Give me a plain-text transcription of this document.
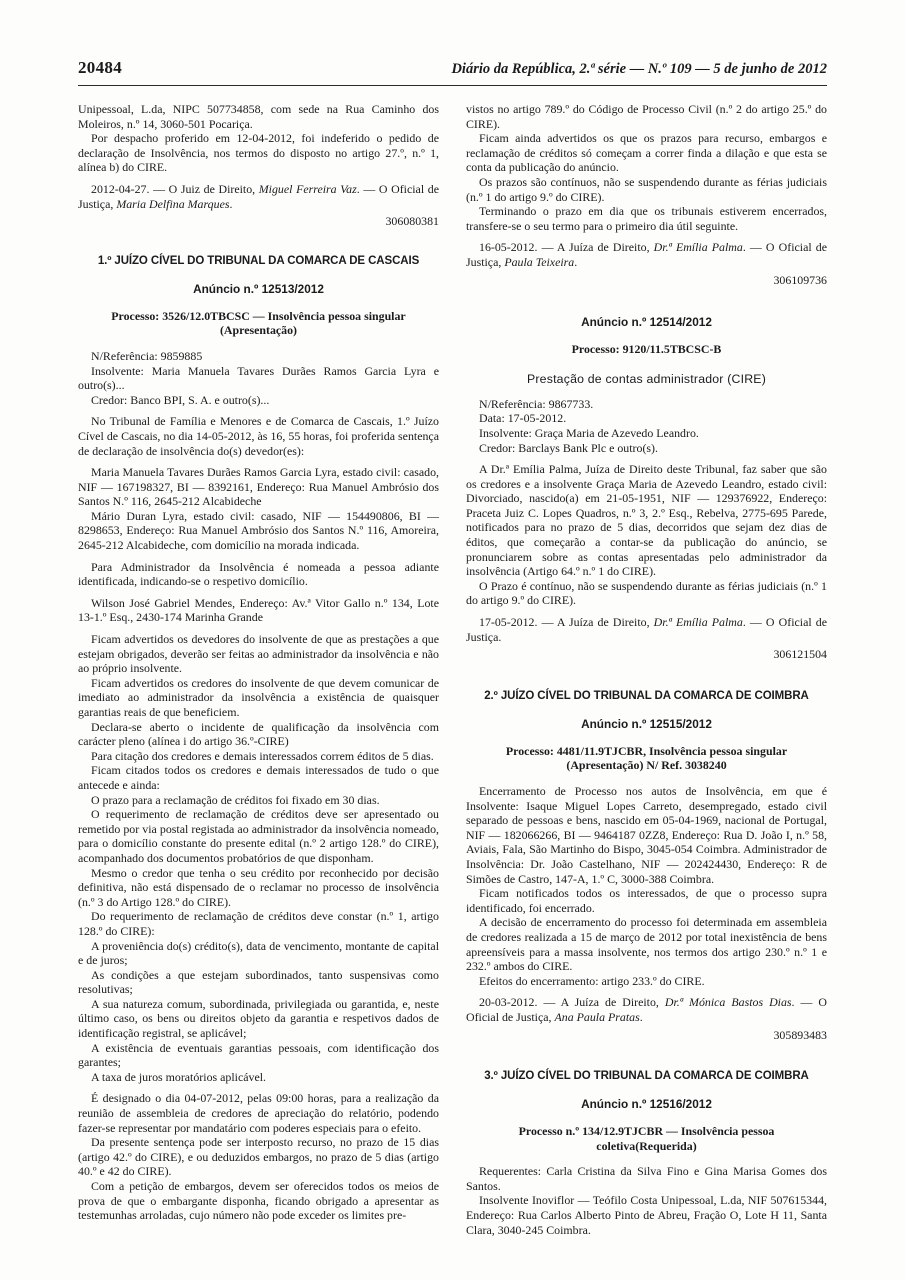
20484	Diário da República, 2.ª série — N.º 109 — 5 de junho de 2012

Unipessoal, L.da, NIPC 507734858, com sede na Rua Caminho dos Moleiros, n.º 14, 3060-501 Pocariça.

Por despacho proferido em 12-04-2012, foi indeferido o pedido de declaração de Insolvência, nos termos do disposto no artigo 27.º, n.º 1, alínea b) do CIRE.

2012-04-27. — O Juiz de Direito, Miguel Ferreira Vaz. — O Oficial de Justiça, Maria Delfina Marques.

306080381

1.º JUÍZO CÍVEL DO TRIBUNAL DA COMARCA DE CASCAIS
Anúncio n.º 12513/2012

Processo: 3526/12.0TBCSC — Insolvência pessoa singular (Apresentação)

N/Referência: 9859885

Insolvente: Maria Manuela Tavares Durães Ramos Garcia Lyra e outro(s)...

Credor: Banco BPI, S. A. e outro(s)...

No Tribunal de Família e Menores e de Comarca de Cascais, 1.º Juízo Cível de Cascais, no dia 14-05-2012, às 16, 55 horas, foi proferida sentença de declaração de insolvência do(s) devedor(es):

Maria Manuela Tavares Durães Ramos Garcia Lyra, estado civil: casado, NIF — 167198327, BI — 8392161, Endereço: Rua Manuel Ambrósio dos Santos N.º 116, 2645-212 Alcabideche

Mário Duran Lyra, estado civil: casado, NIF — 154490806, BI — 8298653, Endereço: Rua Manuel Ambrósio dos Santos N.º 116, Amoreira, 2645-212 Alcabideche, com domicílio na morada indicada.

Para Administrador da Insolvência é nomeada a pessoa adiante identificada, indicando-se o respetivo domicílio.

Wilson José Gabriel Mendes, Endereço: Av.ª Vitor Gallo n.º 134, Lote 13-1.º Esq., 2430-174 Marinha Grande

Ficam advertidos os devedores do insolvente de que as prestações a que estejam obrigados, deverão ser feitas ao administrador da insolvência e não ao próprio insolvente.

Ficam advertidos os credores do insolvente de que devem comunicar de imediato ao administrador da insolvência a existência de quaisquer garantias reais de que beneficiem.

Declara-se aberto o incidente de qualificação da insolvência com carácter pleno (alínea i do artigo 36.º-CIRE)

Para citação dos credores e demais interessados correm éditos de 5 dias.

Ficam citados todos os credores e demais interessados de tudo o que antecede e ainda:

O prazo para a reclamação de créditos foi fixado em 30 dias.

O requerimento de reclamação de créditos deve ser apresentado ou remetido por via postal registada ao administrador da insolvência nomeado, para o domicílio constante do presente edital (n.º 2 artigo 128.º do CIRE), acompanhado dos documentos probatórios de que disponham.

Mesmo o credor que tenha o seu crédito por reconhecido por decisão definitiva, não está dispensado de o reclamar no processo de insolvência (n.º 3 do Artigo 128.º do CIRE).

Do requerimento de reclamação de créditos deve constar (n.º 1, artigo 128.º do CIRE):

A proveniência do(s) crédito(s), data de vencimento, montante de capital e de juros;

As condições a que estejam subordinados, tanto suspensivas como resolutivas;

A sua natureza comum, subordinada, privilegiada ou garantida, e, neste último caso, os bens ou direitos objeto da garantia e respetivos dados de identificação registral, se aplicável;

A existência de eventuais garantias pessoais, com identificação dos garantes;

A taxa de juros moratórios aplicável.

É designado o dia 04-07-2012, pelas 09:00 horas, para a realização da reunião de assembleia de credores de apreciação do relatório, podendo fazer-se representar por mandatário com poderes especiais para o efeito.

Da presente sentença pode ser interposto recurso, no prazo de 15 dias (artigo 42.º do CIRE), e ou deduzidos embargos, no prazo de 5 dias (artigo 40.º e 42 do CIRE).

Com a petição de embargos, devem ser oferecidos todos os meios de prova de que o embargante disponha, ficando obrigado a apresentar as testemunhas arroladas, cujo número não pode exceder os limites pre-

vistos no artigo 789.º do Código de Processo Civil (n.º 2 do artigo 25.º do CIRE).

Ficam ainda advertidos os que os prazos para recurso, embargos e reclamação de créditos só começam a correr finda a dilação e que esta se conta da publicação do anúncio.

Os prazos são contínuos, não se suspendendo durante as férias judiciais (n.º 1 do artigo 9.º do CIRE).

Terminando o prazo em dia que os tribunais estiverem encerrados, transfere-se o seu termo para o primeiro dia útil seguinte.

16-05-2012. — A Juíza de Direito, Dr.ª Emília Palma. — O Oficial de Justiça, Paula Teixeira.

306109736

Anúncio n.º 12514/2012

Processo: 9120/11.5TBCSC-B

Prestação de contas administrador (CIRE)

N/Referência: 9867733.

Data: 17-05-2012.

Insolvente: Graça Maria de Azevedo Leandro.

Credor: Barclays Bank Plc e outro(s).

A Dr.ª Emília Palma, Juíza de Direito deste Tribunal, faz saber que são os credores e a insolvente Graça Maria de Azevedo Leandro, estado civil: Divorciado, nascido(a) em 21-05-1951, NIF — 129376922, Endereço: Praceta Juiz C. Lopes Quadros, n.º 3, 2.º Esq., Rebelva, 2775-695 Parede, notificados para no prazo de 5 dias, decorridos que sejam dez dias de éditos, que começarão a contar-se da publicação do anúncio, se pronunciarem sobre as contas apresentadas pelo administrador da insolvência (Artigo 64.º n.º 1 do CIRE).

O Prazo é contínuo, não se suspendendo durante as férias judiciais (n.º 1 do artigo 9.º do CIRE).

17-05-2012. — A Juíza de Direito, Dr.ª Emília Palma. — O Oficial de Justiça.

306121504

2.º JUÍZO CÍVEL DO TRIBUNAL DA COMARCA DE COIMBRA
Anúncio n.º 12515/2012

Processo: 4481/11.9TJCBR, Insolvência pessoa singular (Apresentação) N/ Ref. 3038240

Encerramento de Processo nos autos de Insolvência, em que é Insolvente: Isaque Miguel Lopes Carreto, desempregado, estado civil separado de pessoas e bens, nascido em 05-04-1969, nacional de Portugal, NIF — 182066266, BI — 9464187 0ZZ8, Endereço: Rua D. João I, n.º 58, Aviais, Fala, São Martinho do Bispo, 3045-054 Coimbra. Administrador de Insolvência: Dr. João Castelhano, NIF — 202424430, Endereço: R de Simões de Castro, 147-A, 1.º C, 3000-388 Coimbra.

Ficam notificados todos os interessados, de que o processo supra identificado, foi encerrado.

A decisão de encerramento do processo foi determinada em assembleia de credores realizada a 15 de março de 2012 por total inexistência de bens apreensíveis para a massa insolvente, nos termos dos artigo 230.º n.º 1 e 232.º ambos do CIRE.

Efeitos do encerramento: artigo 233.º do CIRE.

20-03-2012. — A Juíza de Direito, Dr.ª Mónica Bastos Dias. — O Oficial de Justiça, Ana Paula Pratas.

305893483

3.º JUÍZO CÍVEL DO TRIBUNAL DA COMARCA DE COIMBRA
Anúncio n.º 12516/2012

Processo n.º 134/12.9TJCBR — Insolvência pessoa coletiva(Requerida)

Requerentes: Carla Cristina da Silva Fino e Gina Marisa Gomes dos Santos.

Insolvente Inoviflor — Teófilo Costa Unipessoal, L.da, NIF 507615344, Endereço: Rua Carlos Alberto Pinto de Abreu, Fração O, Lote H 11, Santa Clara, 3040-245 Coimbra.
